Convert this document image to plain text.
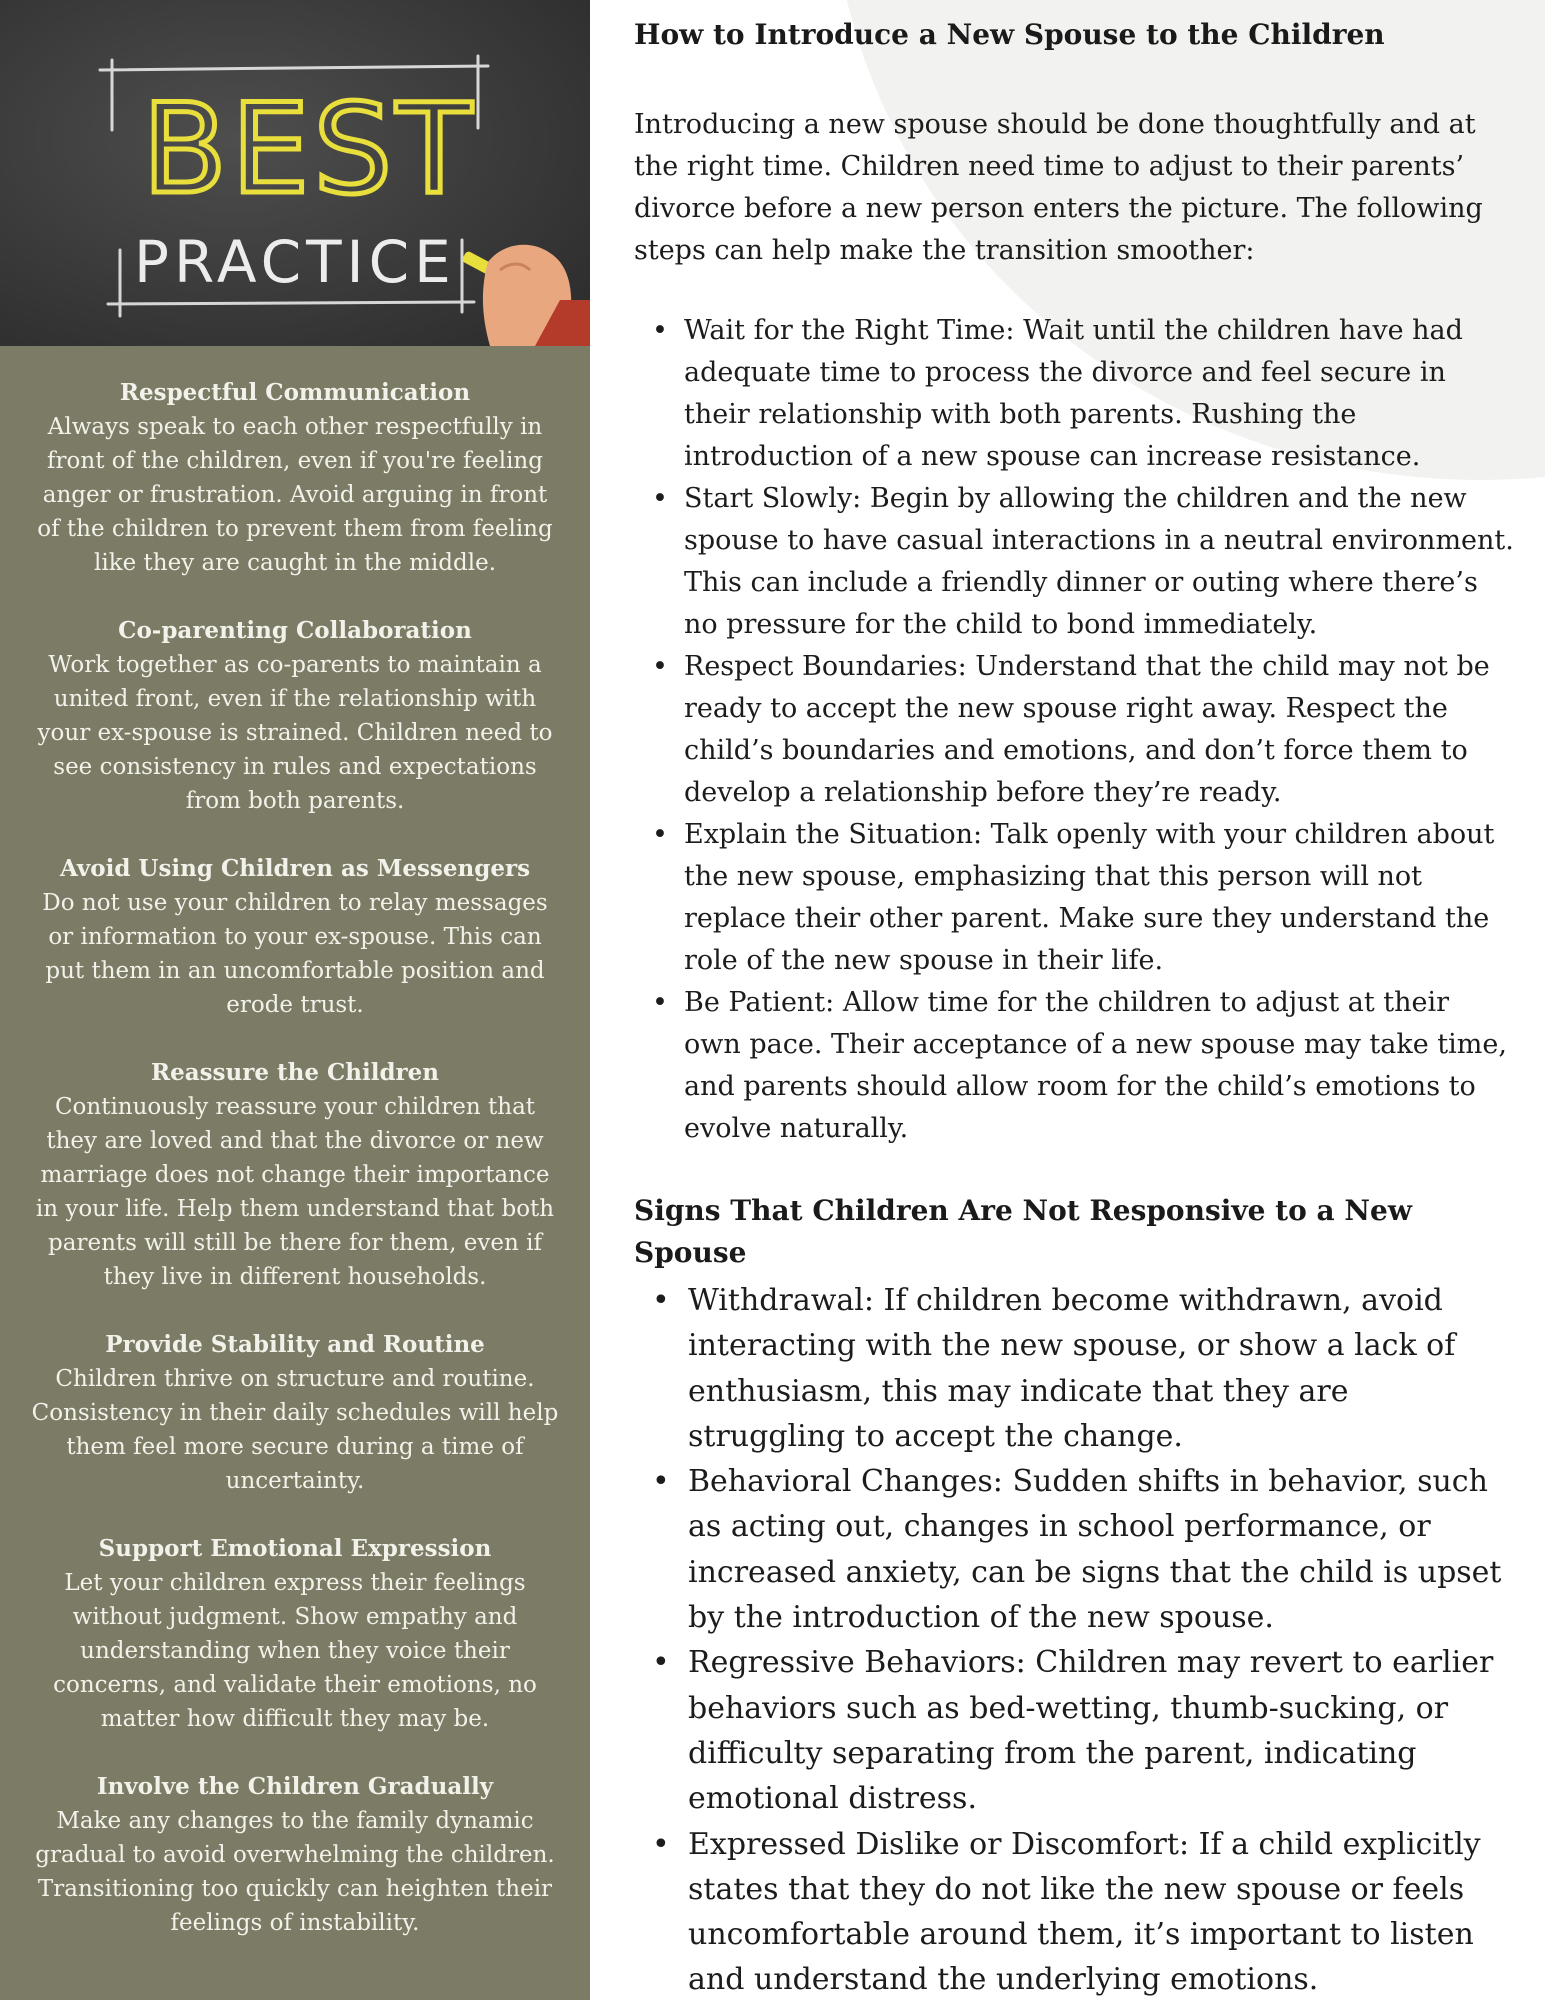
BEST
PRACTICE
Respectful Communication
Always speak to each other respectfully in front of the children, even if you're feeling anger or frustration. Avoid arguing in front of the children to prevent them from feeling like they are caught in the middle.
Co-parenting Collaboration
Work together as co-parents to maintain a united front, even if the relationship with your ex-spouse is strained. Children need to see consistency in rules and expectations from both parents.
Avoid Using Children as Messengers
Do not use your children to relay messages or information to your ex-spouse. This can put them in an uncomfortable position and erode trust.
Reassure the Children
Continuously reassure your children that they are loved and that the divorce or new marriage does not change their importance in your life. Help them understand that both parents will still be there for them, even if they live in different households.
Provide Stability and Routine
Children thrive on structure and routine. Consistency in their daily schedules will help them feel more secure during a time of uncertainty.
Support Emotional Expression
Let your children express their feelings without judgment. Show empathy and understanding when they voice their concerns, and validate their emotions, no matter how difficult they may be.
Involve the Children Gradually
Make any changes to the family dynamic gradual to avoid overwhelming the children. Transitioning too quickly can heighten their feelings of instability.
How to Introduce a New Spouse to the Children

Introducing a new spouse should be done thoughtfully and at the right time. Children need time to adjust to their parents’ divorce before a new person enters the picture. The following steps can help make the transition smoother:

• Wait for the Right Time: Wait until the children have had adequate time to process the divorce and feel secure in their relationship with both parents. Rushing the introduction of a new spouse can increase resistance.
• Start Slowly: Begin by allowing the children and the new spouse to have casual interactions in a neutral environment. This can include a friendly dinner or outing where there’s no pressure for the child to bond immediately.
• Respect Boundaries: Understand that the child may not be ready to accept the new spouse right away. Respect the child’s boundaries and emotions, and don’t force them to develop a relationship before they’re ready.
• Explain the Situation: Talk openly with your children about the new spouse, emphasizing that this person will not replace their other parent. Make sure they understand the role of the new spouse in their life.
• Be Patient: Allow time for the children to adjust at their own pace. Their acceptance of a new spouse may take time, and parents should allow room for the child’s emotions to evolve naturally.
Signs That Children Are Not Responsive to a New Spouse
• Withdrawal: If children become withdrawn, avoid interacting with the new spouse, or show a lack of enthusiasm, this may indicate that they are struggling to accept the change.
• Behavioral Changes: Sudden shifts in behavior, such as acting out, changes in school performance, or increased anxiety, can be signs that the child is upset by the introduction of the new spouse.
• Regressive Behaviors: Children may revert to earlier behaviors such as bed-wetting, thumb-sucking, or difficulty separating from the parent, indicating emotional distress.
• Expressed Dislike or Discomfort: If a child explicitly states that they do not like the new spouse or feels uncomfortable around them, it’s important to listen and understand the underlying emotions.
